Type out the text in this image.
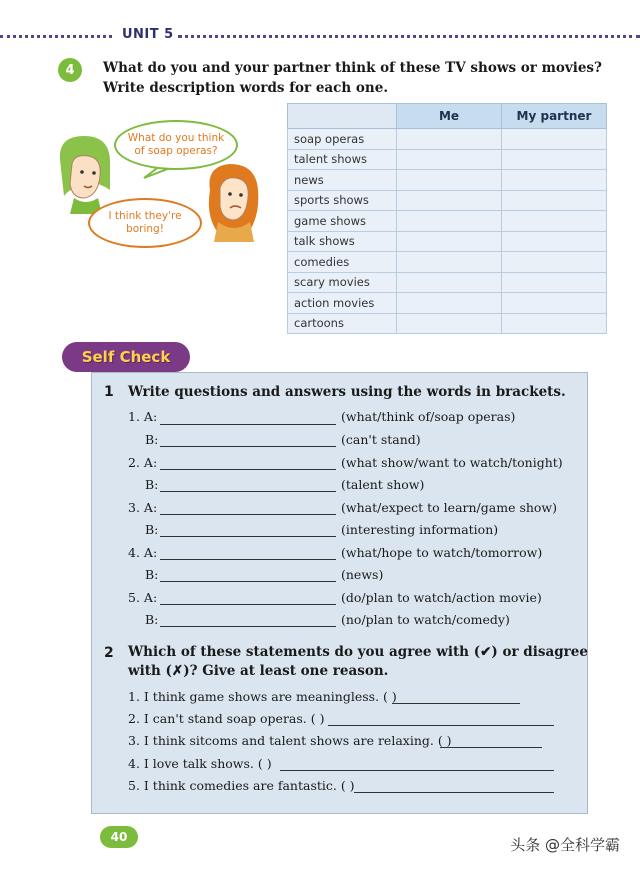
UNIT 5
4	What do you and your partner think of these TV shows or movies?
Write description words for each one.
What do you think of soap operas?
I think they're boring!
	Me	My partner
soap operas		
talent shows		
news		
sports shows		
game shows		
talk shows		
comedies		
scary movies		
action movies		
cartoons		
Self Check
1 Write questions and answers using the words in brackets.
1. A:	(what/think of/soap operas)
B:	(can't stand)
2. A:	(what show/want to watch/tonight)
B:	(talent show)
3. A:	(what/expect to learn/game show)
B:	(interesting information)
4. A:	(what/hope to watch/tomorrow)
B:	(news)
5. A:	(do/plan to watch/action movie)
B:	(no/plan to watch/comedy)
2 Which of these statements do you agree with (✔) or disagree
with (✗)? Give at least one reason.
1. I think game shows are meaningless. ( )
2. I can't stand soap operas. ( )
3. I think sitcoms and talent shows are relaxing. ( )
4. I love talk shows. ( )
5. I think comedies are fantastic. ( )
40	头条 @全科学霸
